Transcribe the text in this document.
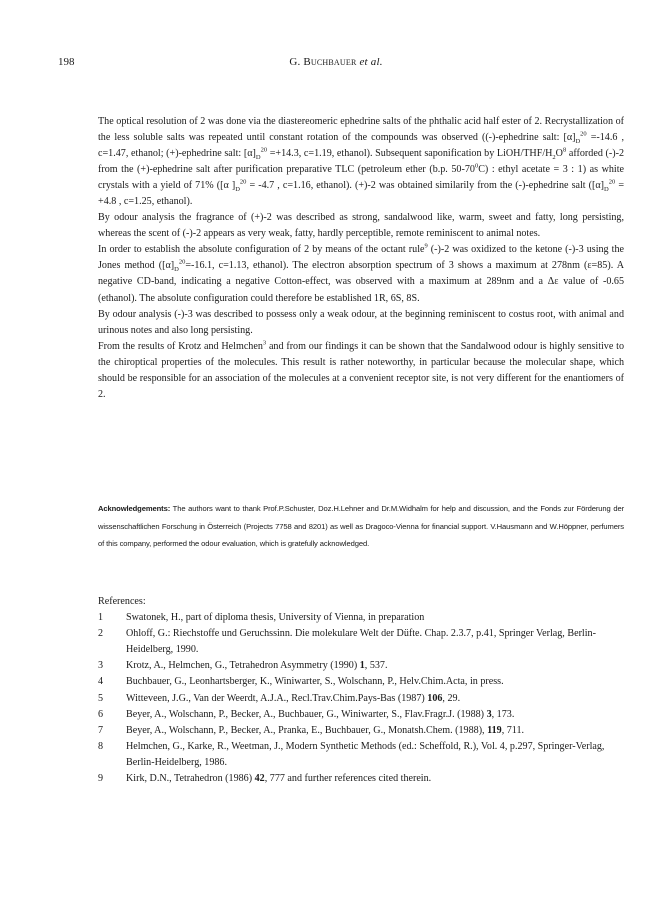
198	G. Buchbauer et al.

The optical resolution of 2 was done via the diastereomeric ephedrine salts of the phthalic acid half ester of 2. Recrystallization of the less soluble salts was repeated until constant rotation of the compounds was observed ((-)-ephedrine salt: $[\alpha]_D^{20} =-14.6$ , c=1.47, ethanol; (+)-ephedrine salt: $[\alpha]_D^{20} =+14.3$, c=1.19, ethanol). Subsequent saponification by LiOH/$THF/H_2O^8$ afforded (-)-2 from the (+)-ephedrine salt after purification preparative TLC (petroleum ether (b.p. $50-70^0C$) : ethyl acetate = 3 : 1) as white crystals with a yield of 71% ([α ]$_D^{20} = -4.7$ , c=1.16, ethanol). (+)-2 was obtained similarily from the (-)-ephedrine salt ($[\alpha]_D^{20} = +4.8$ , c=1.25, ethanol).

By odour analysis the fragrance of (+)-2 was described as strong, sandalwood like, warm, sweet and fatty, long persisting, whereas the scent of (-)-2 appears as very weak, fatty, hardly perceptible, remote reminiscent to animal notes.

In order to establish the absolute configuration of 2 by means of the octant rule$^9$ (-)-2 was oxidized to the ketone (-)-3 using the Jones method ($[\alpha]_D^{20}=-16.1$, c=1.13, ethanol). The electron absorption spectrum of 3 shows a maximum at 278nm (ε=85). A negative CD-band, indicating a negative Cotton-effect, was observed with a maximum at 289nm and a Δε value of -0.65 (ethanol). The absolute configuration could therefore be established 1R, 6S, 8S.

By odour analysis (-)-3 was described to possess only a weak odour, at the beginning reminiscent to costus root, with animal and urinous notes and also long persisting.

From the results of Krotz and Helmchen$^3$ and from our findings it can be shown that the Sandalwood odour is highly sensitive to the chiroptical properties of the molecules. This result is rather noteworthy, in particular because the molecular shape, which should be responsible for an association of the molecules at a convenient receptor site, is not very different for the enantiomers of 2.

Acknowledgements: The authors want to thank Prof.P.Schuster, Doz.H.Lehner and Dr.M.Widhalm for help and discussion, and the Fonds zur Förderung der wissenschaftlichen Forschung in Österreich (Projects 7758 and 8201) as well as Dragoco-Vienna for financial support. V.Hausmann and W.Höppner, perfumers of this company, performed the odour evaluation, which is gratefully acknowledged.

References:

1 Swatonek, H., part of diploma thesis, University of Vienna, in preparation
2 Ohloff, G.: Riechstoffe und Geruchssinn. Die molekulare Welt der Düfte. Chap. 2.3.7, p.41, Springer Verlag, Berlin-Heidelberg, 1990.
3 Krotz, A., Helmchen, G., Tetrahedron Asymmetry (1990) 1, 537.
4 Buchbauer, G., Leonhartsberger, K., Winiwarter, S., Wolschann, P., Helv.Chim.Acta, in press.
5 Witteveen, J.G., Van der Weerdt, A.J.A., Recl.Trav.Chim.Pays-Bas (1987) 106, 29.
6 Beyer, A., Wolschann, P., Becker, A., Buchbauer, G., Winiwarter, S., Flav.Fragr.J. (1988) 3, 173.
7 Beyer, A., Wolschann, P., Becker, A., Pranka, E., Buchbauer, G., Monatsh.Chem. (1988), 119, 711.
8 Helmchen, G., Karke, R., Weetman, J., Modern Synthetic Methods (ed.: Scheffold, R.), Vol. 4, p.297, Springer-Verlag, Berlin-Heidelberg, 1986.
9 Kirk, D.N., Tetrahedron (1986) 42, 777 and further references cited therein.
